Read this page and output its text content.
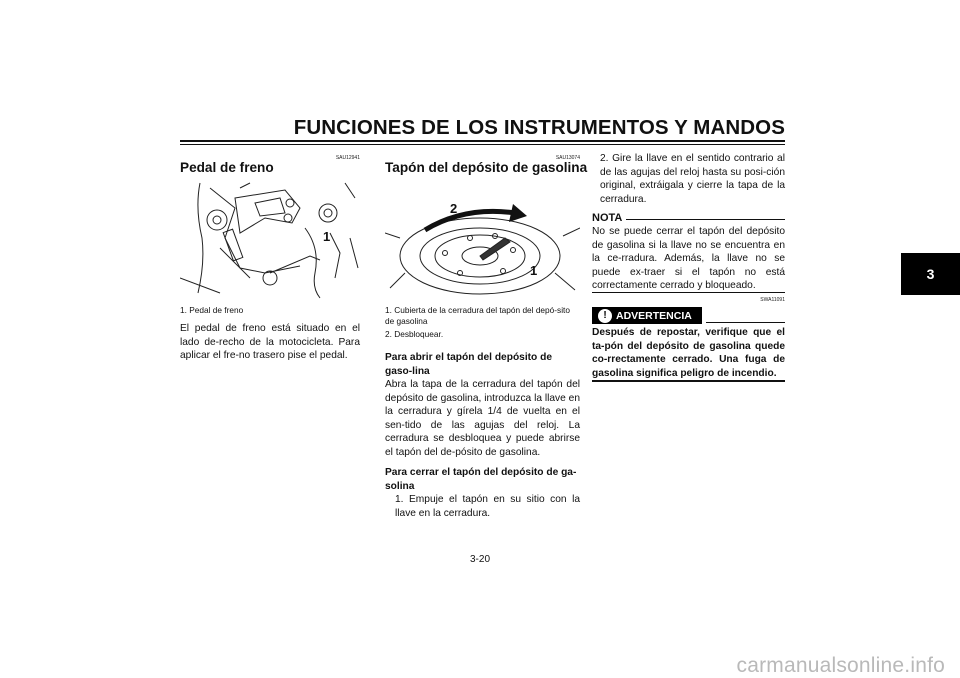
FUNCIONES DE LOS INSTRUMENTOS Y MANDOS
3
SAU12941
Pedal de freno
1
1. Pedal de freno
El pedal de freno está situado en el lado de-recho de la motocicleta. Para aplicar el fre-no trasero pise el pedal.
SAU13074
Tapón del depósito de gasolina
2
1
1. Cubierta de la cerradura del tapón del depó-sito de gasolina
2. Desbloquear.
Para abrir el tapón del depósito de gaso-lina
Abra la tapa de la cerradura del tapón del depósito de gasolina, introduzca la llave en la cerradura y gírela 1/4 de vuelta en el sen-tido de las agujas del reloj. La cerradura se desbloquea y puede abrirse el tapón del de-pósito de gasolina.
Para cerrar el tapón del depósito de ga-solina
1. Empuje el tapón en su sitio con la llave en la cerradura.
2. Gire la llave en el sentido contrario al de las agujas del reloj hasta su posi-ción original, extráigala y cierre la tapa de la cerradura.
NOTA
No se puede cerrar el tapón del depósito de gasolina si la llave no se encuentra en la ce-rradura. Además, la llave no se puede ex-traer si el tapón no está correctamente cerrado y bloqueado.
SWA11091
! ADVERTENCIA
Después de repostar, verifique que el ta-pón del depósito de gasolina quede co-rrectamente cerrado. Una fuga de gasolina significa peligro de incendio.
3-20
carmanualsonline.info
